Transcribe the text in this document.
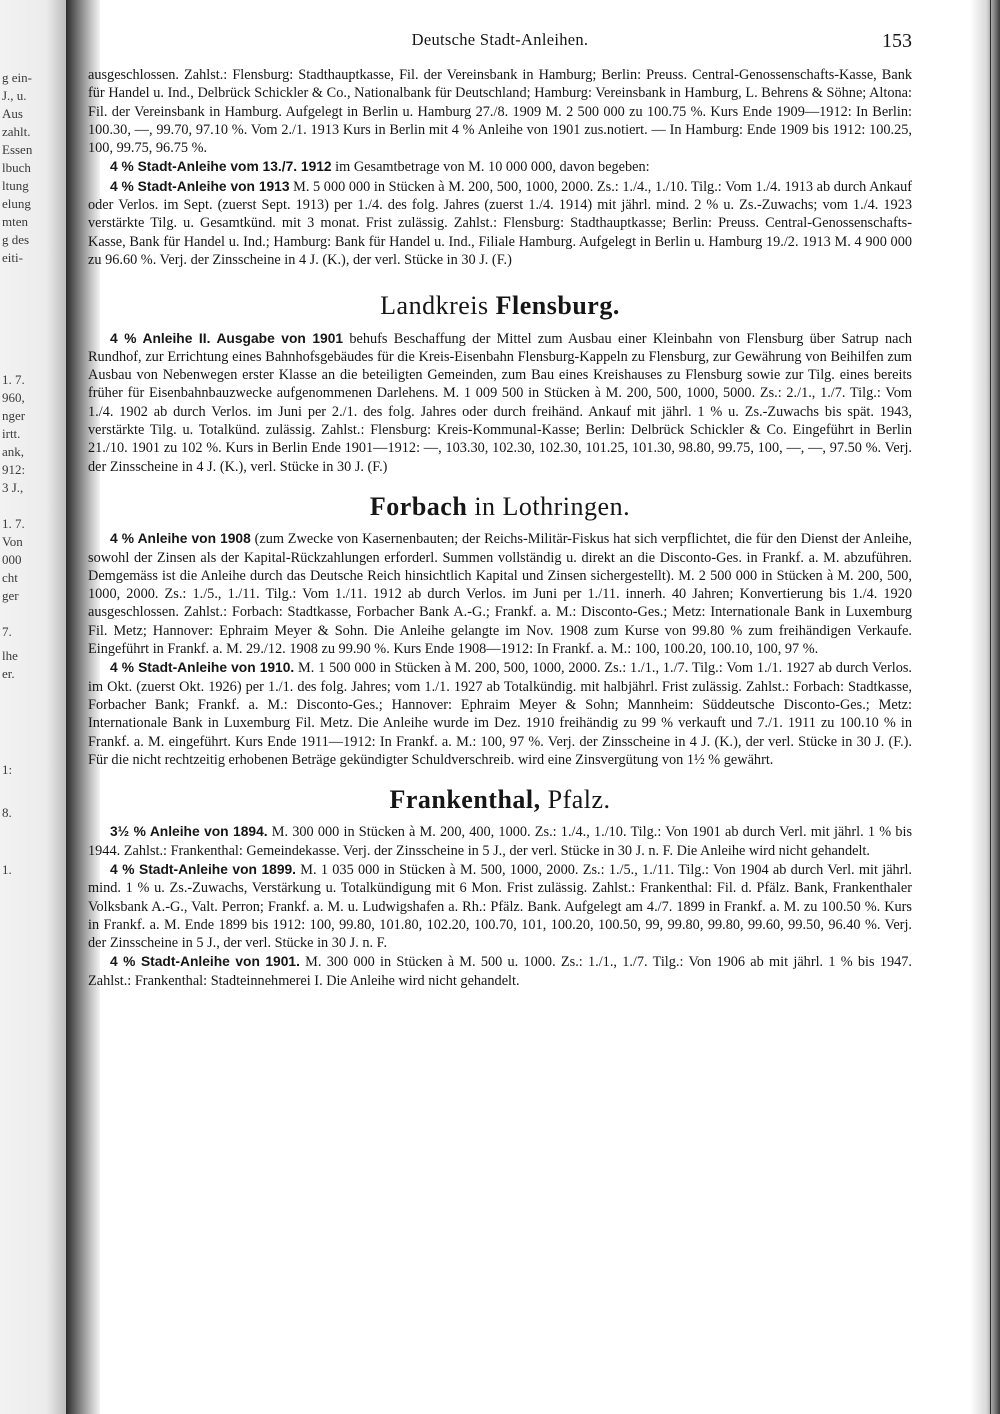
g ein-
J., u.
Aus
zahlt.
Essen
lbuch
ltung
elung
mten
g des
eiti-
1. 7.
960,
nger
irtt.
ank,
912:
3 J.,
1. 7.
Von
000
cht
ger
7.
lhe
er.
1:
8.
1.
Deutsche Stadt-Anleihen.	153

ausgeschlossen. Zahlst.: Flensburg: Stadthauptkasse, Fil. der Vereinsbank in Hamburg; Berlin: Preuss. Central-Genossenschafts-Kasse, Bank für Handel u. Ind., Delbrück Schickler & Co., Nationalbank für Deutschland; Hamburg: Vereinsbank in Hamburg, L. Behrens & Söhne; Altona: Fil. der Vereinsbank in Hamburg. Aufgelegt in Berlin u. Hamburg 27./8. 1909 M. 2 500 000 zu 100.75 %. Kurs Ende 1909—1912: In Berlin: 100.30, —, 99.70, 97.10 %. Vom 2./1. 1913 Kurs in Berlin mit 4 % Anleihe von 1901 zus.notiert. — In Hamburg: Ende 1909 bis 1912: 100.25, 100, 99.75, 96.75 %.

4 % Stadt-Anleihe vom 13./7. 1912 im Gesamtbetrage von M. 10 000 000, davon begeben:

4 % Stadt-Anleihe von 1913 M. 5 000 000 in Stücken à M. 200, 500, 1000, 2000. Zs.: 1./4., 1./10. Tilg.: Vom 1./4. 1913 ab durch Ankauf oder Verlos. im Sept. (zuerst Sept. 1913) per 1./4. des folg. Jahres (zuerst 1./4. 1914) mit jährl. mind. 2 % u. Zs.-Zuwachs; vom 1./4. 1923 verstärkte Tilg. u. Gesamtkünd. mit 3 monat. Frist zulässig. Zahlst.: Flensburg: Stadthauptkasse; Berlin: Preuss. Central-Genossenschafts-Kasse, Bank für Handel u. Ind.; Hamburg: Bank für Handel u. Ind., Filiale Hamburg. Aufgelegt in Berlin u. Hamburg 19./2. 1913 M. 4 900 000 zu 96.60 %. Verj. der Zinsscheine in 4 J. (K.), der verl. Stücke in 30 J. (F.)

Landkreis Flensburg.

4 % Anleihe II. Ausgabe von 1901 behufs Beschaffung der Mittel zum Ausbau einer Kleinbahn von Flensburg über Satrup nach Rundhof, zur Errichtung eines Bahnhofsgebäudes für die Kreis-Eisenbahn Flensburg-Kappeln zu Flensburg, zur Gewährung von Beihilfen zum Ausbau von Nebenwegen erster Klasse an die beteiligten Gemeinden, zum Bau eines Kreishauses zu Flensburg sowie zur Tilg. eines bereits früher für Eisenbahnbauzwecke aufgenommenen Darlehens. M. 1 009 500 in Stücken à M. 200, 500, 1000, 5000. Zs.: 2./1., 1./7. Tilg.: Vom 1./4. 1902 ab durch Verlos. im Juni per 2./1. des folg. Jahres oder durch freihänd. Ankauf mit jährl. 1 % u. Zs.-Zuwachs bis spät. 1943, verstärkte Tilg. u. Totalkünd. zulässig. Zahlst.: Flensburg: Kreis-Kommunal-Kasse; Berlin: Delbrück Schickler & Co. Eingeführt in Berlin 21./10. 1901 zu 102 %. Kurs in Berlin Ende 1901—1912: —, 103.30, 102.30, 102.30, 101.25, 101.30, 98.80, 99.75, 100, —, —, 97.50 %. Verj. der Zinsscheine in 4 J. (K.), verl. Stücke in 30 J. (F.)

Forbach in Lothringen.

4 % Anleihe von 1908 (zum Zwecke von Kasernenbauten; der Reichs-Militär-Fiskus hat sich verpflichtet, die für den Dienst der Anleihe, sowohl der Zinsen als der Kapital-Rückzahlungen erforderl. Summen vollständig u. direkt an die Disconto-Ges. in Frankf. a. M. abzuführen. Demgemäss ist die Anleihe durch das Deutsche Reich hinsichtlich Kapital und Zinsen sichergestellt). M. 2 500 000 in Stücken à M. 200, 500, 1000, 2000. Zs.: 1./5., 1./11. Tilg.: Vom 1./11. 1912 ab durch Verlos. im Juni per 1./11. innerh. 40 Jahren; Konvertierung bis 1./4. 1920 ausgeschlossen. Zahlst.: Forbach: Stadtkasse, Forbacher Bank A.-G.; Frankf. a. M.: Disconto-Ges.; Metz: Internationale Bank in Luxemburg Fil. Metz; Hannover: Ephraim Meyer & Sohn. Die Anleihe gelangte im Nov. 1908 zum Kurse von 99.80 % zum freihändigen Verkaufe. Eingeführt in Frankf. a. M. 29./12. 1908 zu 99.90 %. Kurs Ende 1908—1912: In Frankf. a. M.: 100, 100.20, 100.10, 100, 97 %.

4 % Stadt-Anleihe von 1910. M. 1 500 000 in Stücken à M. 200, 500, 1000, 2000. Zs.: 1./1., 1./7. Tilg.: Vom 1./1. 1927 ab durch Verlos. im Okt. (zuerst Okt. 1926) per 1./1. des folg. Jahres; vom 1./1. 1927 ab Totalkündig. mit halbjährl. Frist zulässig. Zahlst.: Forbach: Stadtkasse, Forbacher Bank; Frankf. a. M.: Disconto-Ges.; Hannover: Ephraim Meyer & Sohn; Mannheim: Süddeutsche Disconto-Ges.; Metz: Internationale Bank in Luxemburg Fil. Metz. Die Anleihe wurde im Dez. 1910 freihändig zu 99 % verkauft und 7./1. 1911 zu 100.10 % in Frankf. a. M. eingeführt. Kurs Ende 1911—1912: In Frankf. a. M.: 100, 97 %. Verj. der Zinsscheine in 4 J. (K.), der verl. Stücke in 30 J. (F.). Für die nicht rechtzeitig erhobenen Beträge gekündigter Schuldverschreib. wird eine Zinsvergütung von 1½ % gewährt.

Frankenthal, Pfalz.

3½ % Anleihe von 1894. M. 300 000 in Stücken à M. 200, 400, 1000. Zs.: 1./4., 1./10. Tilg.: Von 1901 ab durch Verl. mit jährl. 1 % bis 1944. Zahlst.: Frankenthal: Gemeindekasse. Verj. der Zinsscheine in 5 J., der verl. Stücke in 30 J. n. F. Die Anleihe wird nicht gehandelt.

4 % Stadt-Anleihe von 1899. M. 1 035 000 in Stücken à M. 500, 1000, 2000. Zs.: 1./5., 1./11. Tilg.: Von 1904 ab durch Verl. mit jährl. mind. 1 % u. Zs.-Zuwachs, Verstärkung u. Totalkündigung mit 6 Mon. Frist zulässig. Zahlst.: Frankenthal: Fil. d. Pfälz. Bank, Frankenthaler Volksbank A.-G., Valt. Perron; Frankf. a. M. u. Ludwigshafen a. Rh.: Pfälz. Bank. Aufgelegt am 4./7. 1899 in Frankf. a. M. zu 100.50 %. Kurs in Frankf. a. M. Ende 1899 bis 1912: 100, 99.80, 101.80, 102.20, 100.70, 101, 100.20, 100.50, 99, 99.80, 99.80, 99.60, 99.50, 96.40 %. Verj. der Zinsscheine in 5 J., der verl. Stücke in 30 J. n. F.

4 % Stadt-Anleihe von 1901. M. 300 000 in Stücken à M. 500 u. 1000. Zs.: 1./1., 1./7. Tilg.: Von 1906 ab mit jährl. 1 % bis 1947. Zahlst.: Frankenthal: Stadteinnehmerei I. Die Anleihe wird nicht gehandelt.
